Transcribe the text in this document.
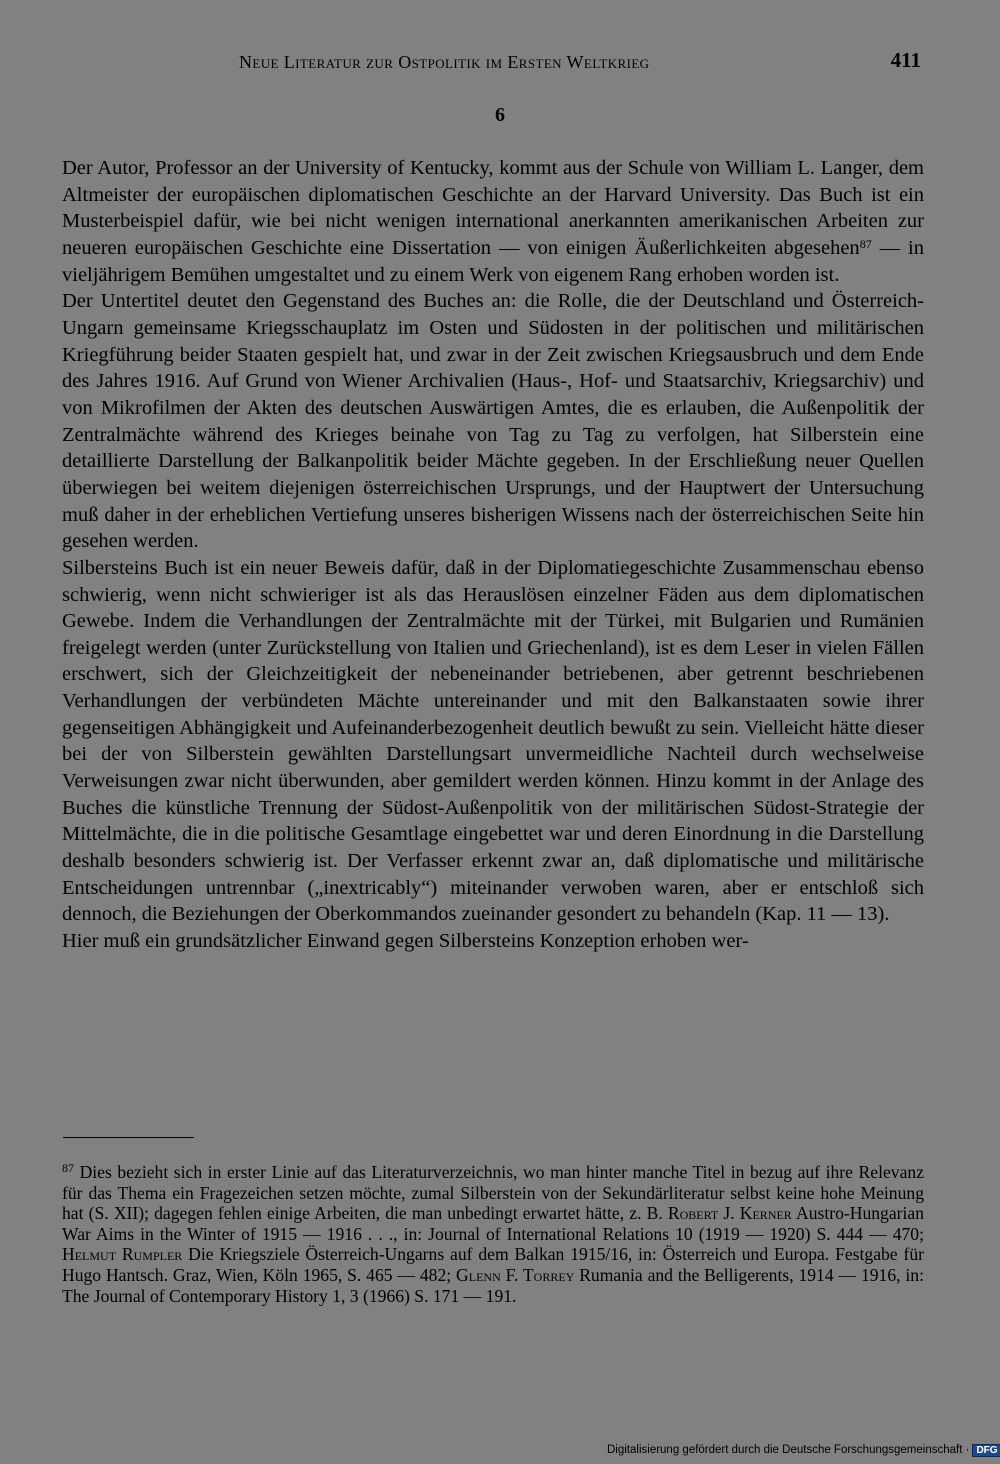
Neue Literatur zur Ostpolitik im Ersten Weltkrieg	411
6

Der Autor, Professor an der University of Kentucky, kommt aus der Schule von William L. Langer, dem Altmeister der europäischen diplomatischen Geschichte an der Harvard University. Das Buch ist ein Musterbeispiel dafür, wie bei nicht wenigen international anerkannten amerikanischen Arbeiten zur neueren europäischen Geschichte eine Dissertation — von einigen Äußerlichkeiten abgesehen$^{87}$ — in vieljährigem Bemühen umgestaltet und zu einem Werk von eigenem Rang erhoben worden ist.

Der Untertitel deutet den Gegenstand des Buches an: die Rolle, die der Deutschland und Österreich-Ungarn gemeinsame Kriegsschauplatz im Osten und Südosten in der politischen und militärischen Kriegführung beider Staaten gespielt hat, und zwar in der Zeit zwischen Kriegsausbruch und dem Ende des Jahres 1916. Auf Grund von Wiener Archivalien (Haus-, Hof- und Staatsarchiv, Kriegsarchiv) und von Mikrofilmen der Akten des deutschen Auswärtigen Amtes, die es erlauben, die Außenpolitik der Zentralmächte während des Krieges beinahe von Tag zu Tag zu verfolgen, hat Silberstein eine detaillierte Darstellung der Balkanpolitik beider Mächte gegeben. In der Erschließung neuer Quellen überwiegen bei weitem diejenigen österreichischen Ursprungs, und der Hauptwert der Untersuchung muß daher in der erheblichen Vertiefung unseres bisherigen Wissens nach der österreichischen Seite hin gesehen werden.

Silbersteins Buch ist ein neuer Beweis dafür, daß in der Diplomatiegeschichte Zusammenschau ebenso schwierig, wenn nicht schwieriger ist als das Herauslösen einzelner Fäden aus dem diplomatischen Gewebe. Indem die Verhandlungen der Zentralmächte mit der Türkei, mit Bulgarien und Rumänien freigelegt werden (unter Zurückstellung von Italien und Griechenland), ist es dem Leser in vielen Fällen erschwert, sich der Gleichzeitigkeit der nebeneinander betriebenen, aber getrennt beschriebenen Verhandlungen der verbündeten Mächte untereinander und mit den Balkanstaaten sowie ihrer gegenseitigen Abhängigkeit und Aufeinanderbezogenheit deutlich bewußt zu sein. Vielleicht hätte dieser bei der von Silberstein gewählten Darstellungsart unvermeidliche Nachteil durch wechselweise Verweisungen zwar nicht überwunden, aber gemildert werden können. Hinzu kommt in der Anlage des Buches die künstliche Trennung der Südost-Außenpolitik von der militärischen Südost-Strategie der Mittelmächte, die in die politische Gesamtlage eingebettet war und deren Einordnung in die Darstellung deshalb besonders schwierig ist. Der Verfasser erkennt zwar an, daß diplomatische und militärische Entscheidungen untrennbar („inextricably“) miteinander verwoben waren, aber er entschloß sich dennoch, die Beziehungen der Oberkommandos zueinander gesondert zu behandeln (Kap. 11 — 13).

Hier muß ein grundsätzlicher Einwand gegen Silbersteins Konzeption erhoben wer-

$^{87}$ Dies bezieht sich in erster Linie auf das Literaturverzeichnis, wo man hinter manche Titel in bezug auf ihre Relevanz für das Thema ein Fragezeichen setzen möchte, zumal Silberstein von der Sekundärliteratur selbst keine hohe Meinung hat (S. XII); dagegen fehlen einige Arbeiten, die man unbedingt erwartet hätte, z. B. Robert J. Kerner Austro-Hungarian War Aims in the Winter of 1915 — 1916 . . ., in: Journal of International Relations 10 (1919 — 1920) S. 444 — 470; Helmut Rumpler Die Kriegsziele Österreich-Ungarns auf dem Balkan 1915/16, in: Österreich und Europa. Festgabe für Hugo Hantsch. Graz, Wien, Köln 1965, S. 465 — 482; Glenn F. Torrey Rumania and the Belligerents, 1914 — 1916, in: The Journal of Contemporary History 1, 3 (1966) S. 171 — 191.

Digitalisierung gefördert durch die Deutsche Forschungsgemeinschaft · DFG
